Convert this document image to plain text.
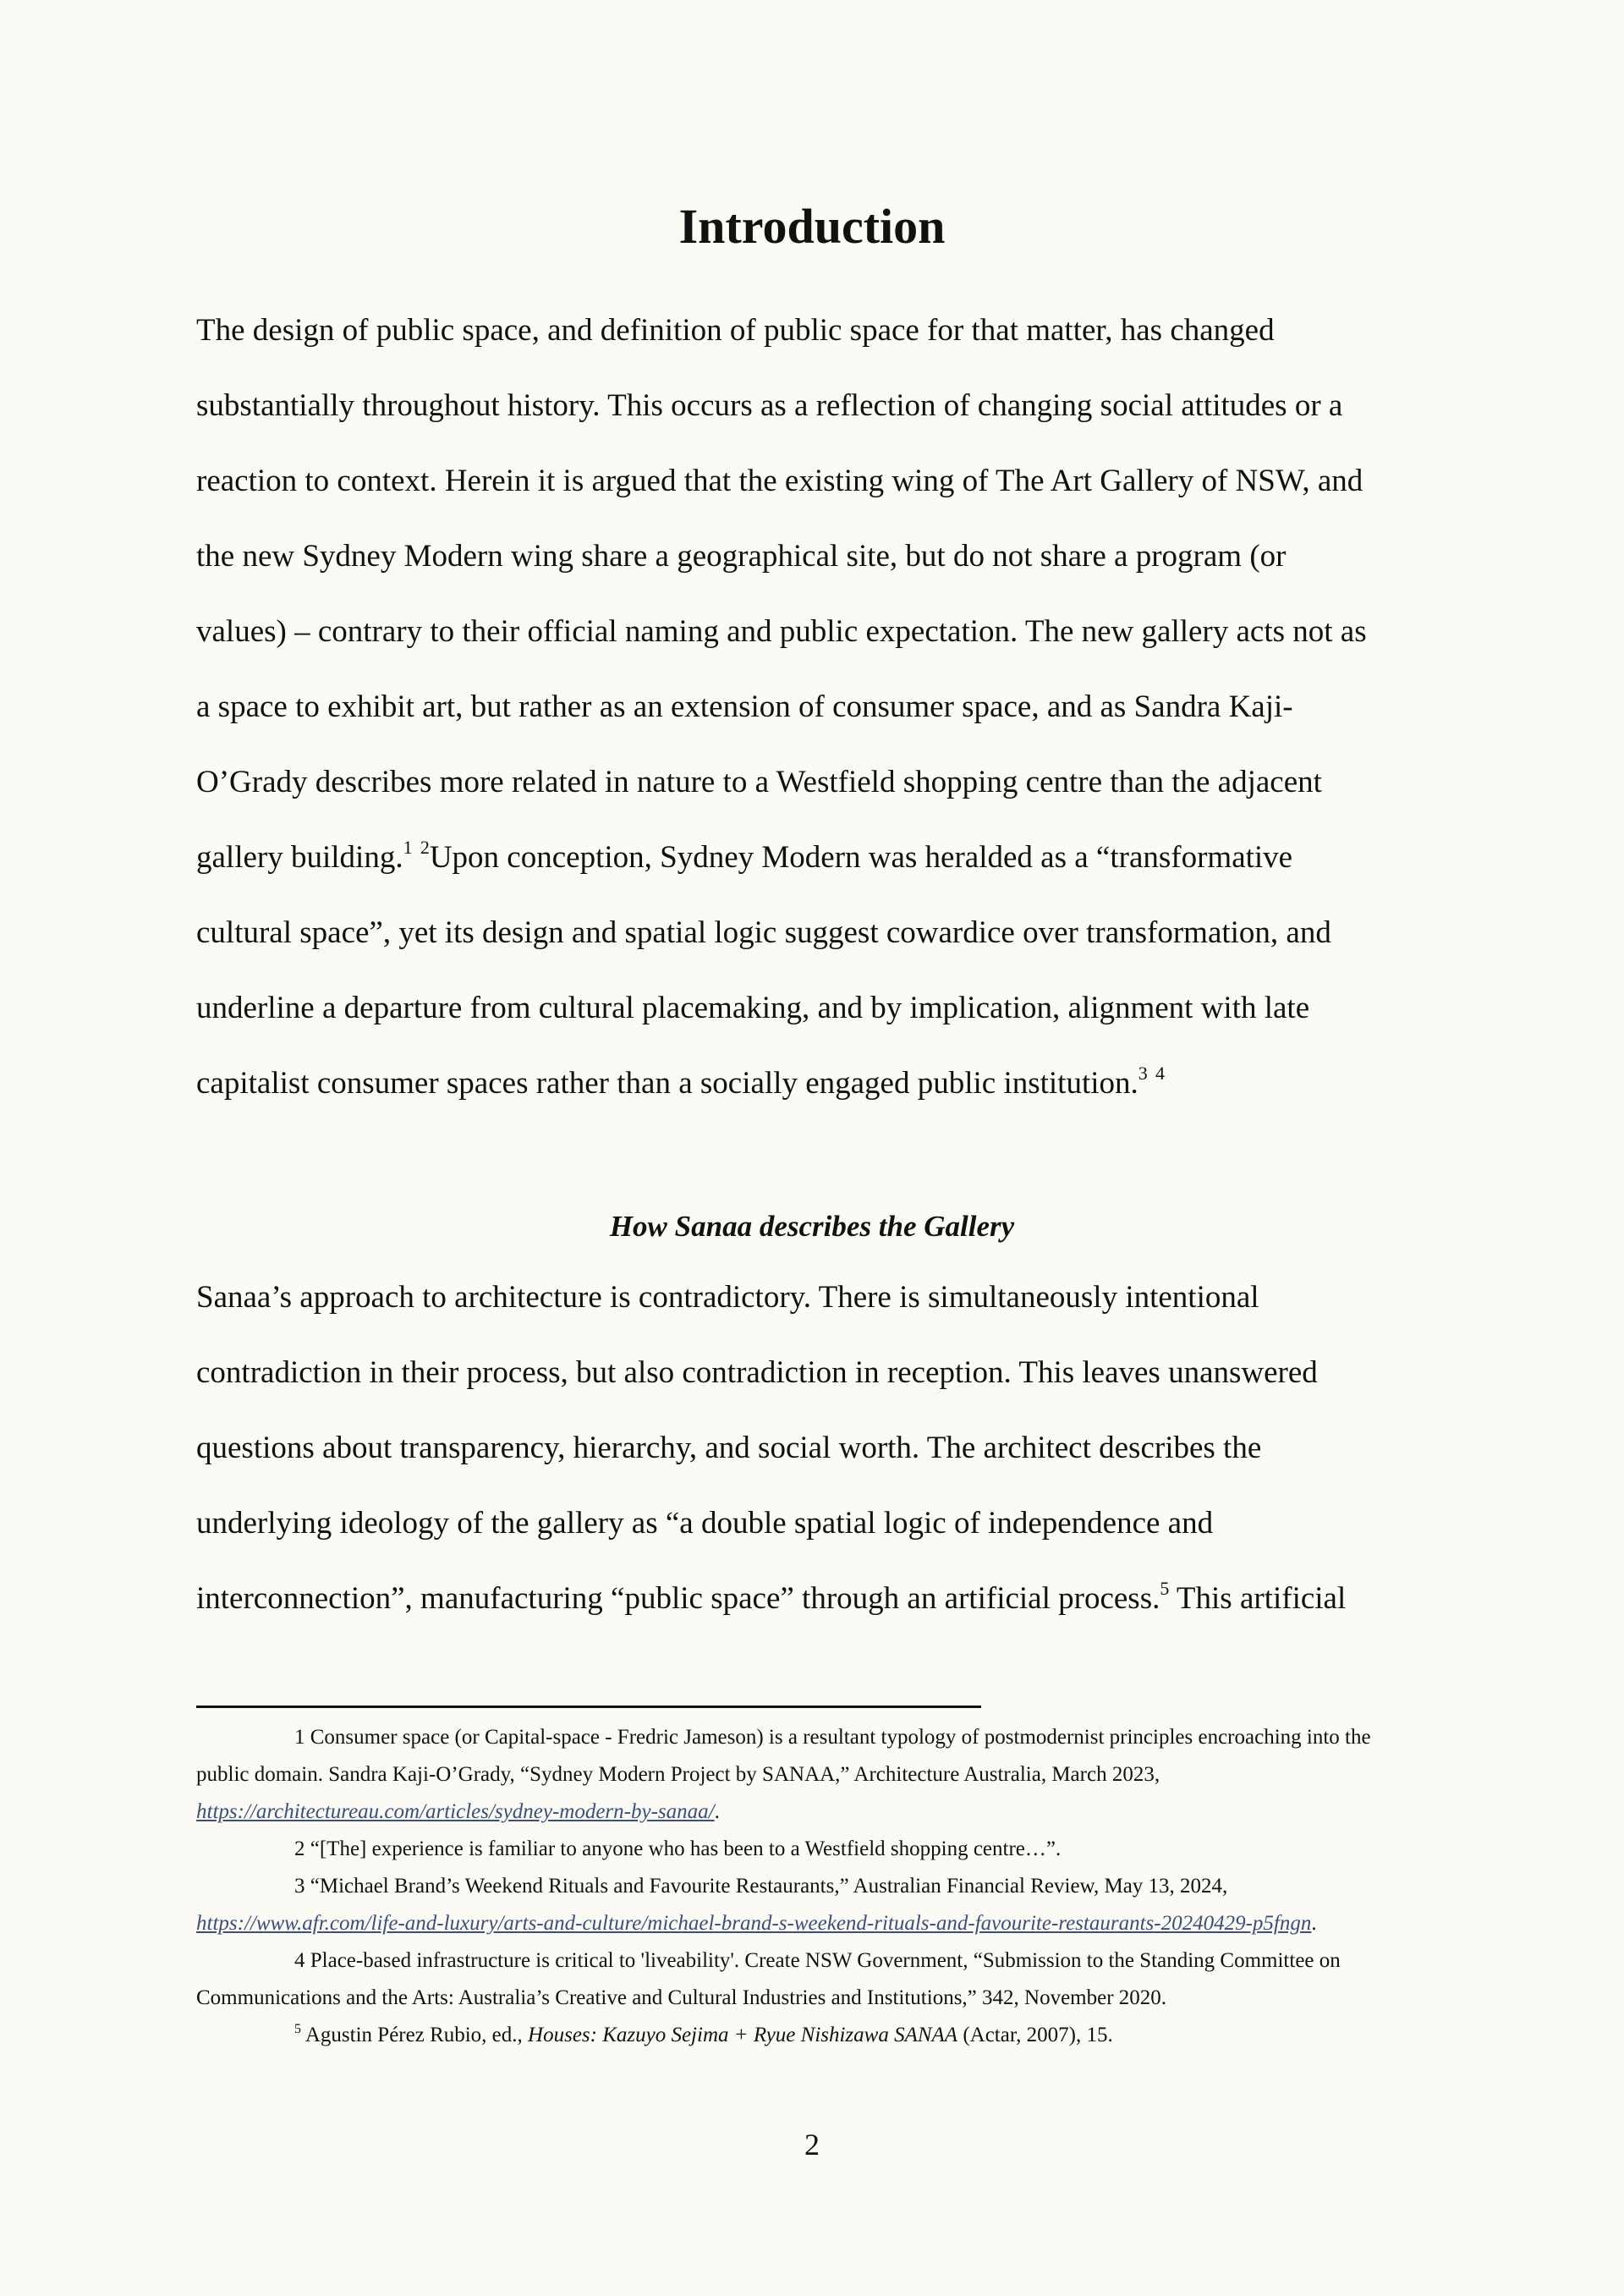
Introduction
The design of public space, and definition of public space for that matter, has changed
substantially throughout history. This occurs as a reflection of changing social attitudes or a
reaction to context. Herein it is argued that the existing wing of The Art Gallery of NSW, and
the new Sydney Modern wing share a geographical site, but do not share a program (or
values) – contrary to their official naming and public expectation. The new gallery acts not as
a space to exhibit art, but rather as an extension of consumer space, and as Sandra Kaji-
O’Grady describes more related in nature to a Westfield shopping centre than the adjacent
gallery building.$^1$ $^2$Upon conception, Sydney Modern was heralded as a “transformative
cultural space”, yet its design and spatial logic suggest cowardice over transformation, and
underline a departure from cultural placemaking, and by implication, alignment with late
capitalist consumer spaces rather than a socially engaged public institution.$^3$ $^4$
How Sanaa describes the Gallery
Sanaa’s approach to architecture is contradictory. There is simultaneously intentional
contradiction in their process, but also contradiction in reception. This leaves unanswered
questions about transparency, hierarchy, and social worth. The architect describes the
underlying ideology of the gallery as “a double spatial logic of independence and
interconnection”, manufacturing “public space” through an artificial process.$^5$ This artificial
1 Consumer space (or Capital-space - Fredric Jameson) is a resultant typology of postmodernist principles encroaching into the
public domain. Sandra Kaji-O’Grady, “Sydney Modern Project by SANAA,” Architecture Australia, March 2023,
https://architectureau.com/articles/sydney-modern-by-sanaa/.
2 “[The] experience is familiar to anyone who has been to a Westfield shopping centre…”.
3 “Michael Brand’s Weekend Rituals and Favourite Restaurants,” Australian Financial Review, May 13, 2024,
https://www.afr.com/life-and-luxury/arts-and-culture/michael-brand-s-weekend-rituals-and-favourite-restaurants-20240429-p5fngn.
4 Place-based infrastructure is critical to 'liveability'. Create NSW Government, “Submission to the Standing Committee on
Communications and the Arts: Australia’s Creative and Cultural Industries and Institutions,” 342, November 2020.
$^5$ Agustin Pérez Rubio, ed., Houses: Kazuyo Sejima + Ryue Nishizawa SANAA (Actar, 2007), 15.
2
